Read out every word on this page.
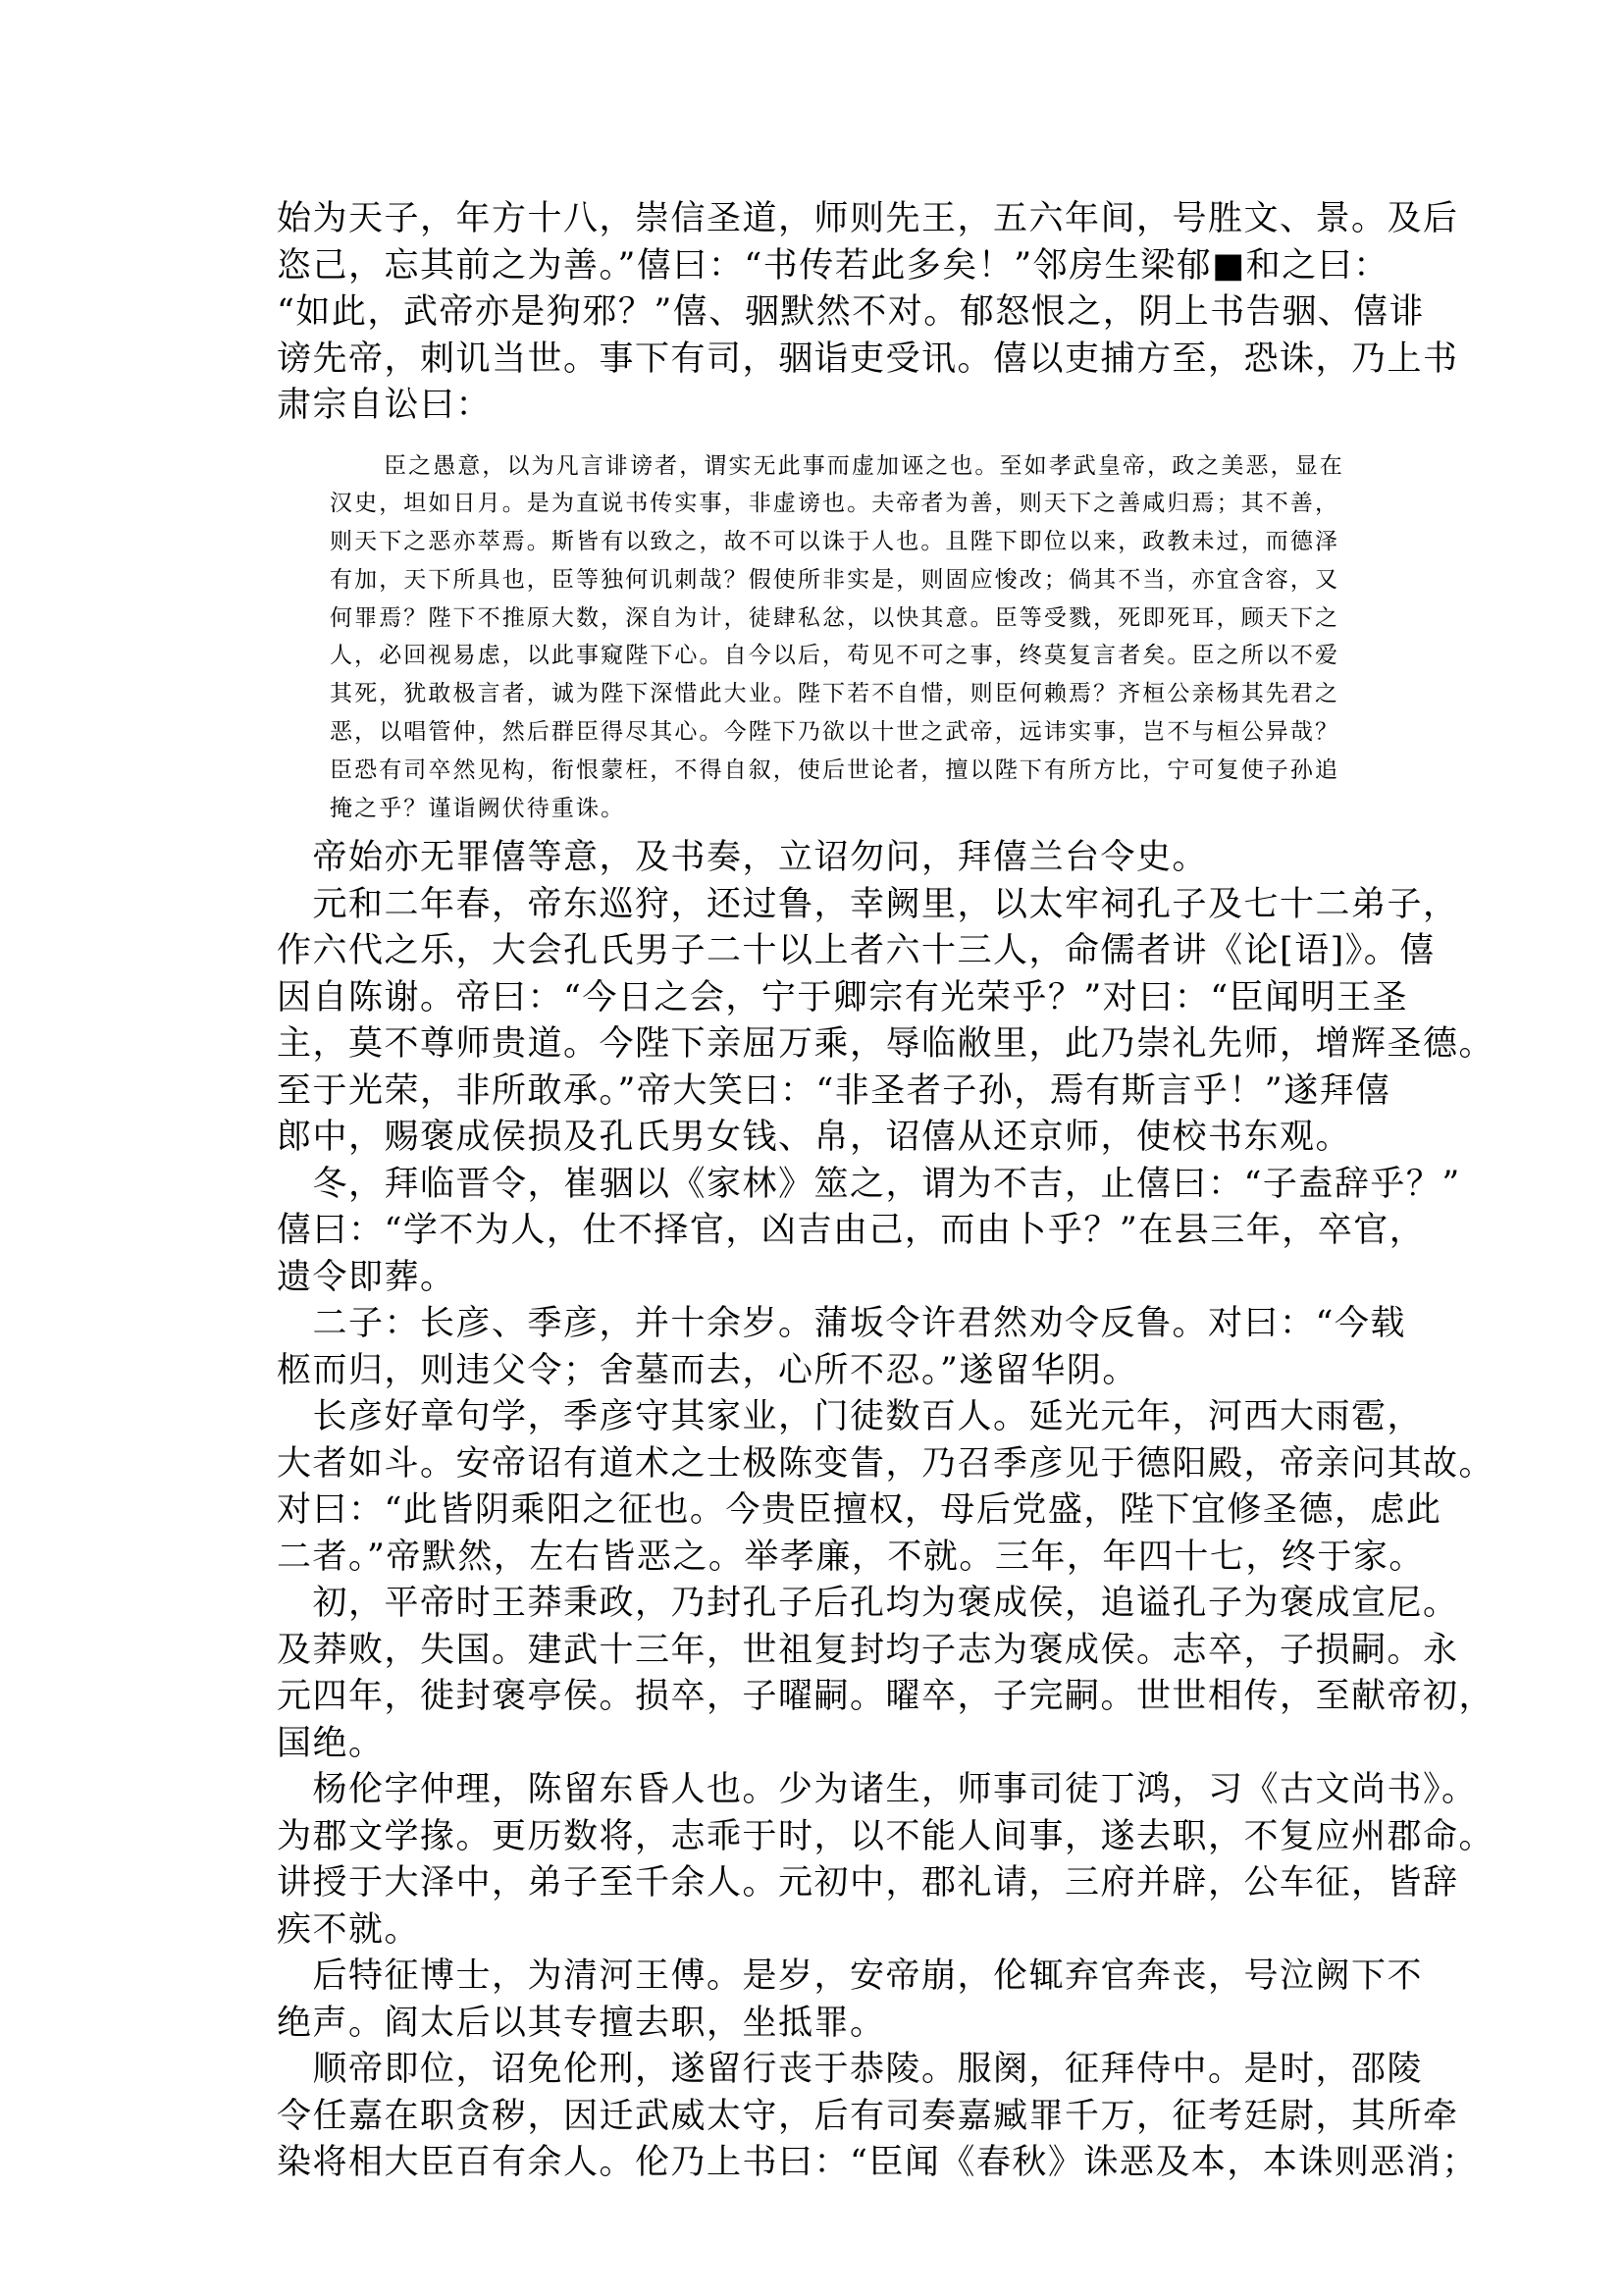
始为天子，年方十八，崇信圣道，师则先王，五六年间，号胜文、景。及后

恣己，忘其前之为善。”僖曰：“书传若此多矣！”邻房生梁郁■和之曰：

“如此，武帝亦是狗邪？”僖、骃默然不对。郁怒恨之，阴上书告骃、僖诽

谤先帝，刺讥当世。事下有司，骃诣吏受讯。僖以吏捕方至，恐诛，乃上书

肃宗自讼曰：

臣之愚意，以为凡言诽谤者，谓实无此事而虚加诬之也。至如孝武皇帝，政之美恶，显在

汉史，坦如日月。是为直说书传实事，非虚谤也。夫帝者为善，则天下之善咸归焉；其不善，

则天下之恶亦萃焉。斯皆有以致之，故不可以诛于人也。且陛下即位以来，政教未过，而德泽

有加，天下所具也，臣等独何讥刺哉？假使所非实是，则固应悛改；倘其不当，亦宜含容，又

何罪焉？陛下不推原大数，深自为计，徒肆私忿，以快其意。臣等受戮，死即死耳，顾天下之

人，必回视易虑，以此事窥陛下心。自今以后，苟见不可之事，终莫复言者矣。臣之所以不爱

其死，犹敢极言者，诚为陛下深惜此大业。陛下若不自惜，则臣何赖焉？齐桓公亲杨其先君之

恶，以唱管仲，然后群臣得尽其心。今陛下乃欲以十世之武帝，远讳实事，岂不与桓公异哉？

臣恐有司卒然见构，衔恨蒙枉，不得自叙，使后世论者，擅以陛下有所方比，宁可复使子孙追

掩之乎？谨诣阙伏待重诛。

　帝始亦无罪僖等意，及书奏，立诏勿问，拜僖兰台令史。

　元和二年春，帝东巡狩，还过鲁，幸阙里，以太牢祠孔子及七十二弟子，

作六代之乐，大会孔氏男子二十以上者六十三人，命儒者讲《论[语]》。僖

因自陈谢。帝曰：“今日之会，宁于卿宗有光荣乎？”对曰：“臣闻明王圣

主，莫不尊师贵道。今陛下亲屈万乘，辱临敝里，此乃崇礼先师，增辉圣德。

至于光荣，非所敢承。”帝大笑曰：“非圣者子孙，焉有斯言乎！”遂拜僖

郎中，赐褒成侯损及孔氏男女钱、帛，诏僖从还京师，使校书东观。

　冬，拜临晋令，崔骃以《家林》筮之，谓为不吉，止僖曰：“子盍辞乎？”

僖曰：“学不为人，仕不择官，凶吉由己，而由卜乎？”在县三年，卒官，

遗令即葬。

　二子：长彦、季彦，并十余岁。蒲坂令许君然劝令反鲁。对曰：“今载

柩而归，则违父令；舍墓而去，心所不忍。”遂留华阴。

　长彦好章句学，季彦守其家业，门徒数百人。延光元年，河西大雨雹，

大者如斗。安帝诏有道术之士极陈变眚，乃召季彦见于德阳殿，帝亲问其故。

对曰：“此皆阴乘阳之征也。今贵臣擅权，母后党盛，陛下宜修圣德，虑此

二者。”帝默然，左右皆恶之。举孝廉，不就。三年，年四十七，终于家。

　初，平帝时王莽秉政，乃封孔子后孔均为褒成侯，追谥孔子为褒成宣尼。

及莽败，失国。建武十三年，世祖复封均子志为褒成侯。志卒，子损嗣。永

元四年，徙封褒亭侯。损卒，子曜嗣。曜卒，子完嗣。世世相传，至献帝初，

国绝。

　杨伦字仲理，陈留东昏人也。少为诸生，师事司徒丁鸿，习《古文尚书》。

为郡文学掾。更历数将，志乖于时，以不能人间事，遂去职，不复应州郡命。

讲授于大泽中，弟子至千余人。元初中，郡礼请，三府并辟，公车征，皆辞

疾不就。

　后特征博士，为清河王傅。是岁，安帝崩，伦辄弃官奔丧，号泣阙下不

绝声。阎太后以其专擅去职，坐抵罪。

　顺帝即位，诏免伦刑，遂留行丧于恭陵。服阕，征拜侍中。是时，邵陵

令任嘉在职贪秽，因迁武威太守，后有司奏嘉臧罪千万，征考廷尉，其所牵

染将相大臣百有余人。伦乃上书曰：“臣闻《春秋》诛恶及本，本诛则恶消；
